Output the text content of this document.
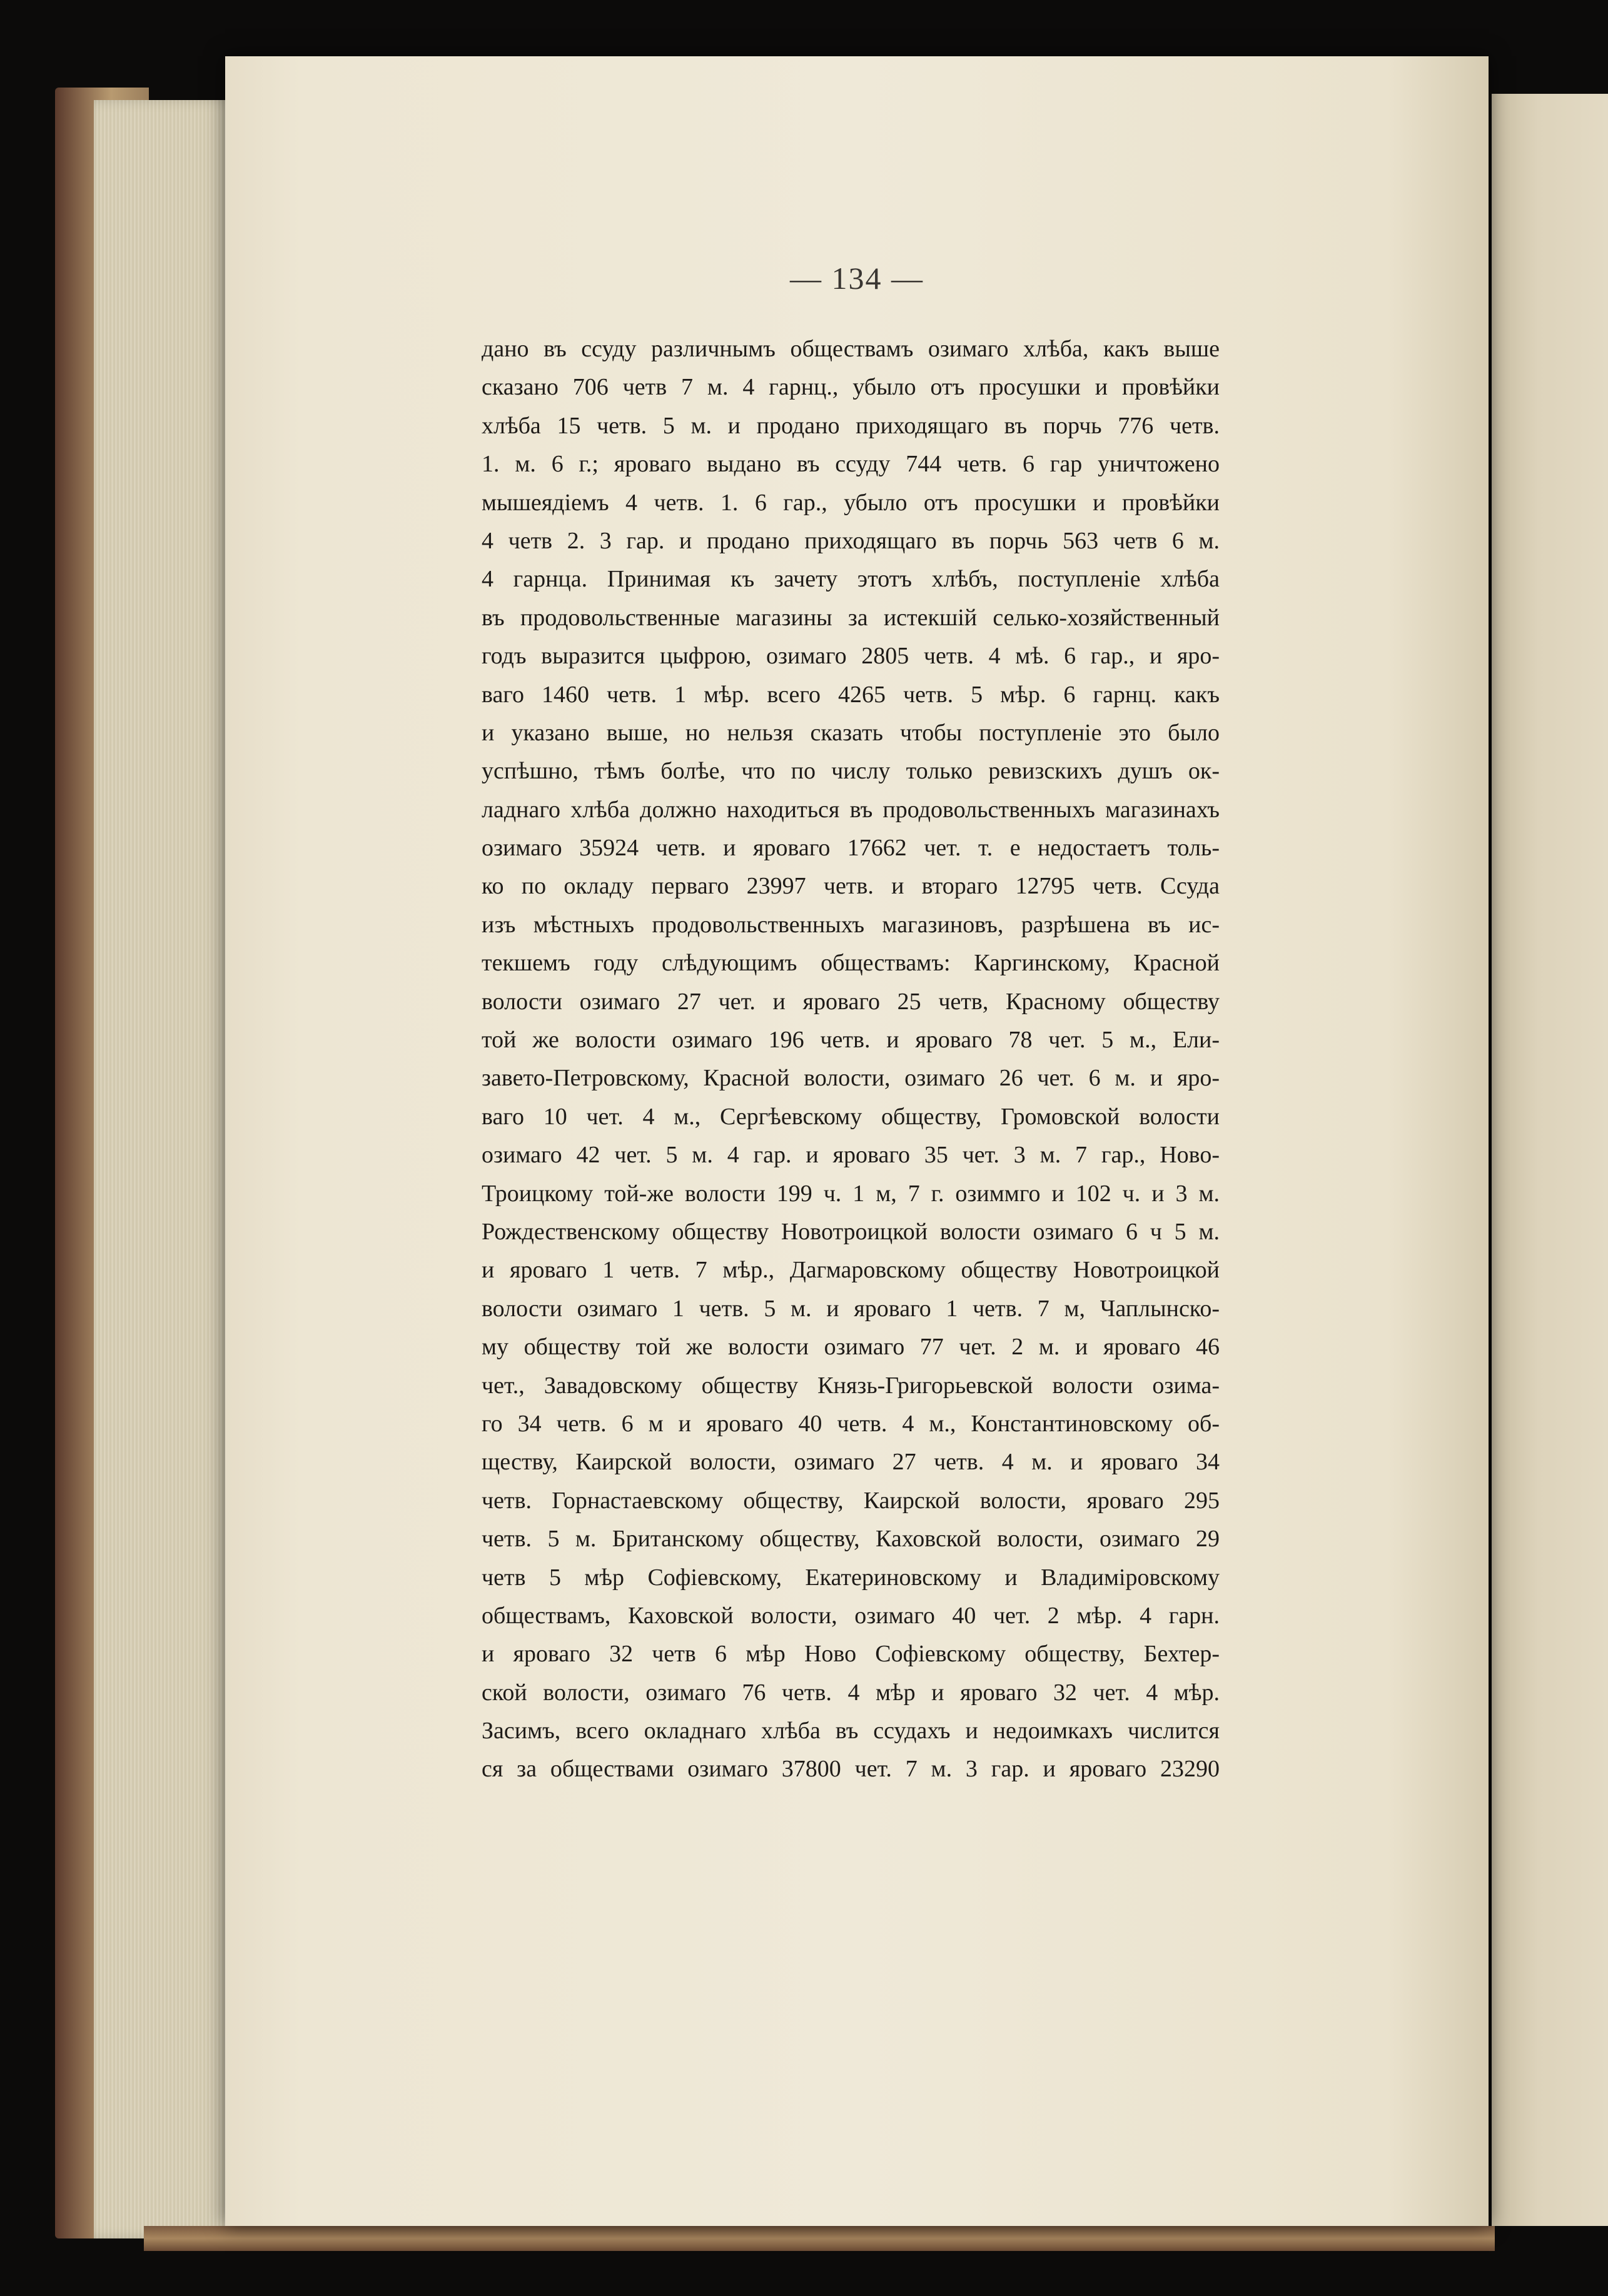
— 134 —
дано въ ссуду различнымъ обществамъ озимаго хлѣба, какъ выше
сказано 706 четв 7 м. 4 гарнц., убыло отъ просушки и провѣйки
хлѣба 15 четв. 5 м. и продано приходящаго въ порчь 776 четв.
1. м. 6 г.; яроваго выдано въ ссуду 744 четв. 6 гар уничтожено
мышеядіемъ 4 четв. 1. 6 гар., убыло отъ просушки и провѣйки
4 четв 2. 3 гар. и продано приходящаго въ порчь 563 четв 6 м.
4 гарнца. Принимая къ зачету этотъ хлѣбъ, поступленіе хлѣба
въ продовольственные магазины за истекшій селько-хозяйственный
годъ выразится цыфрою, озимаго 2805 четв. 4 мѣ. 6 гар., и яро-
ваго 1460 четв. 1 мѣр. всего 4265 четв. 5 мѣр. 6 гарнц. какъ
и указано выше, но нельзя сказать чтобы поступленіе это было
успѣшно, тѣмъ болѣе, что по числу только ревизскихъ душъ ок-
ладнаго хлѣба должно находиться въ продовольственныхъ магазинахъ
озимаго 35924 четв. и яроваго 17662 чет. т. е недостаетъ толь-
ко по окладу перваго 23997 четв. и втораго 12795 четв. Ссуда
изъ мѣстныхъ продовольственныхъ магазиновъ, разрѣшена въ ис-
текшемъ году слѣдующимъ обществамъ: Каргинскому, Красной
волости озимаго 27 чет. и яроваго 25 четв, Красному обществу
той же волости озимаго 196 четв. и яроваго 78 чет. 5 м., Ели-
завето-Петровскому, Красной волости, озимаго 26 чет. 6 м. и яро-
ваго 10 чет. 4 м., Сергѣевскому обществу, Громовской волости
озимаго 42 чет. 5 м. 4 гар. и яроваго 35 чет. 3 м. 7 гар., Ново-
Троицкому той-же волости 199 ч. 1 м, 7 г. озиммго и 102 ч. и 3 м.
Рождественскому обществу Новотроицкой волости озимаго 6 ч 5 м.
и яроваго 1 четв. 7 мѣр., Дагмаровскому обществу Новотроицкой
волости озимаго 1 четв. 5 м. и яроваго 1 четв. 7 м, Чаплынско-
му обществу той же волости озимаго 77 чет. 2 м. и яроваго 46
чет., Завадовскому обществу Князь-Григорьевской волости озима-
го 34 четв. 6 м и яроваго 40 четв. 4 м., Константиновскому об-
ществу, Каирской волости, озимаго 27 четв. 4 м. и яроваго 34
четв. Горнастаевскому обществу, Каирской волости, яроваго 295
четв. 5 м. Британскому обществу, Каховской волости, озимаго 29
четв 5 мѣр Софіевскому, Екатериновскому и Владиміровскому
обществамъ, Каховской волости, озимаго 40 чет. 2 мѣр. 4 гарн.
и яроваго 32 четв 6 мѣр Ново Софіевскому обществу, Бехтер-
ской волости, озимаго 76 четв. 4 мѣр и яроваго 32 чет. 4 мѣр.
Засимъ, всего окладнаго хлѣба въ ссудахъ и недоимкахъ числится
ся за обществами озимаго 37800 чет. 7 м. 3 гар. и яроваго 23290
